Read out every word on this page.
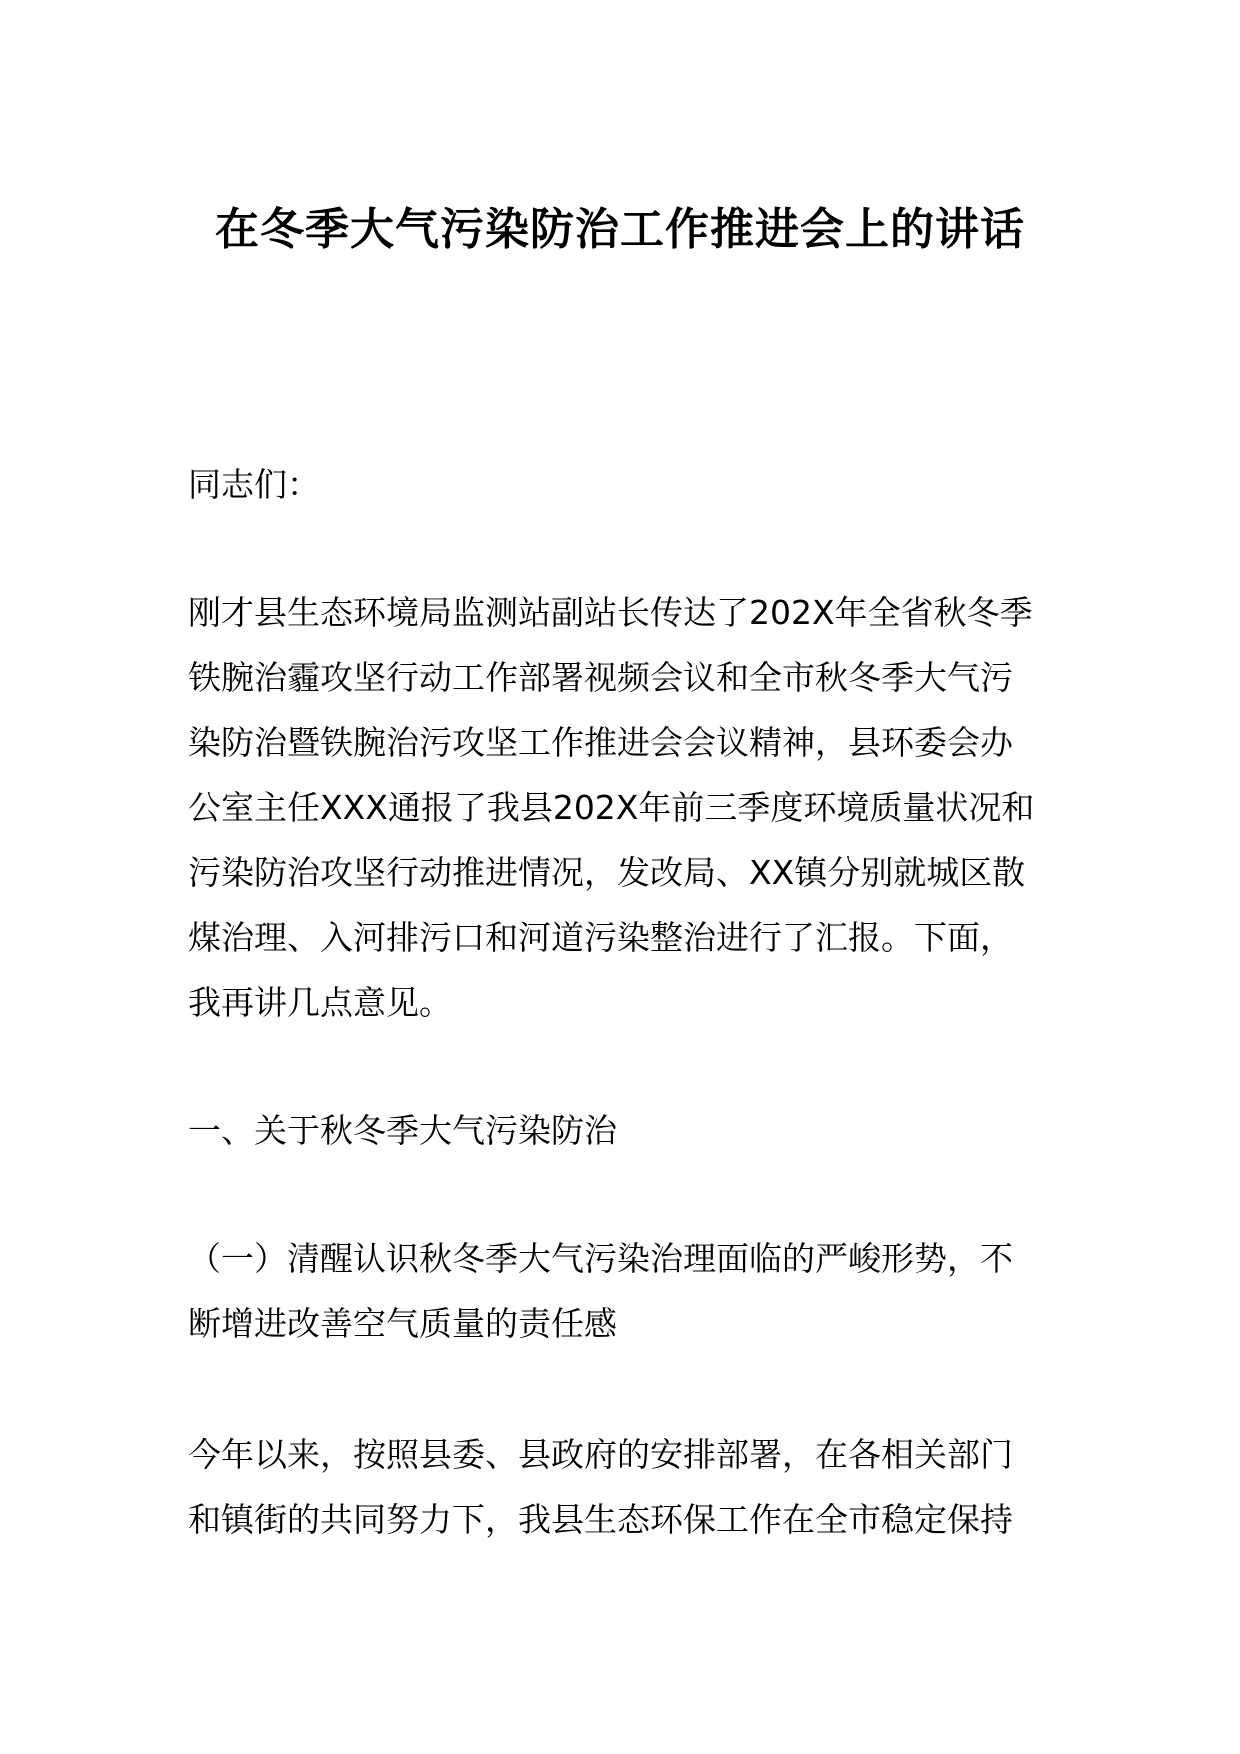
在冬季大气污染防治工作推进会上的讲话

同志们：

刚才县生态环境局监测站副站长传达了202X年全省秋冬季
铁腕治霾攻坚行动工作部署视频会议和全市秋冬季大气污
染防治暨铁腕治污攻坚工作推进会会议精神，县环委会办
公室主任XXX通报了我县202X年前三季度环境质量状况和
污染防治攻坚行动推进情况，发改局、XX镇分别就城区散
煤治理、入河排污口和河道污染整治进行了汇报。下面，
我再讲几点意见。

一、关于秋冬季大气污染防治

（一）清醒认识秋冬季大气污染治理面临的严峻形势，不
断增进改善空气质量的责任感
今年以来，按照县委、县政府的安排部署，在各相关部门
和镇街的共同努力下，我县生态环保工作在全市稳定保持
